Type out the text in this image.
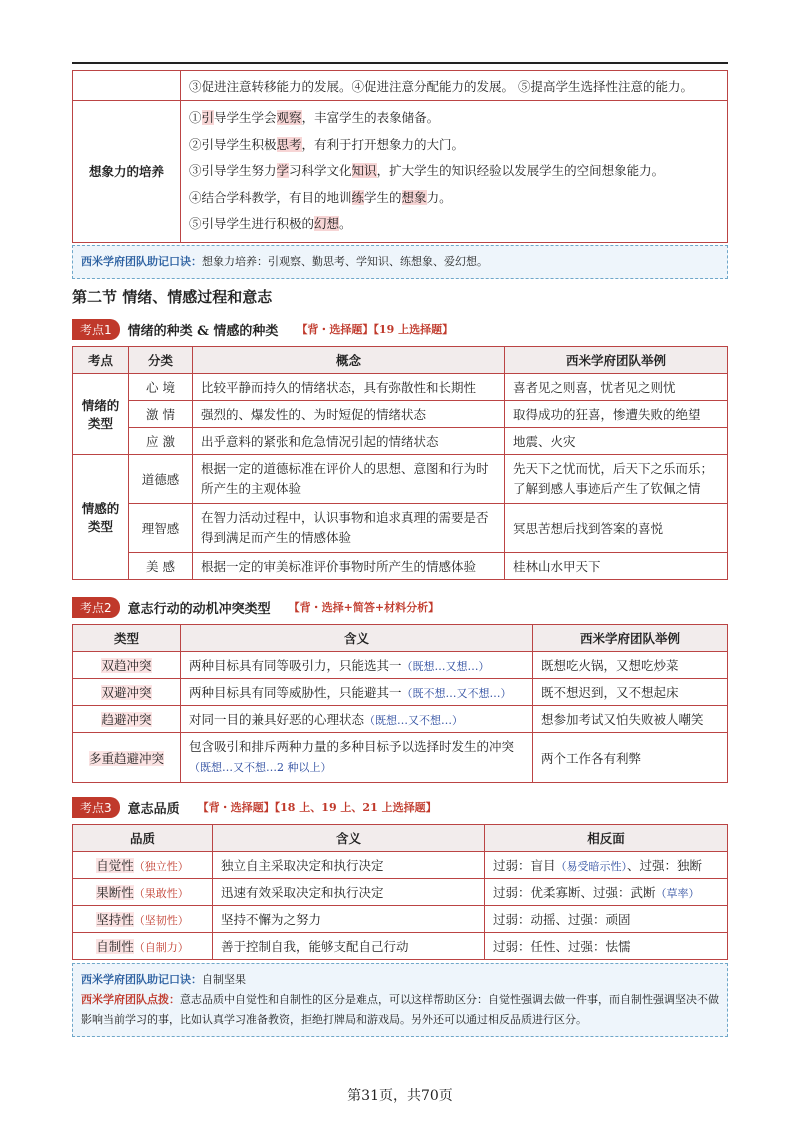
	③促进注意转移能力的发展。④促进注意分配能力的发展。 ⑤提高学生选择性注意的能力。
想象力的培养	①引导学生学会观察，丰富学生的表象储备。
②引导学生积极思考，有利于打开想象力的大门。
③引导学生努力学习科学文化知识，扩大学生的知识经验以发展学生的空间想象能力。
④结合学科教学，有目的地训练学生的想象力。
⑤引导学生进行积极的幻想。
西米学府团队助记口诀：想象力培养：引观察、勤思考、学知识、练想象、爱幻想。
第二节 情绪、情感过程和意志
考点1	情绪的种类 & 情感的种类 【背・选择题】【19 上选择题】
考点	分类	概念	西米学府团队举例
情绪的类型	心 境	比较平静而持久的情绪状态，具有弥散性和长期性	喜者见之则喜，忧者见之则忧
	激 情	强烈的、爆发性的、为时短促的情绪状态	取得成功的狂喜，惨遭失败的绝望
	应 激	出乎意料的紧张和危急情况引起的情绪状态	地震、火灾
情感的类型	道德感	根据一定的道德标准在评价人的思想、意图和行为时所产生的主观体验	先天下之忧而忧，后天下之乐而乐；了解到感人事迹后产生了钦佩之情
	理智感	在智力活动过程中，认识事物和追求真理的需要是否得到满足而产生的情感体验	冥思苦想后找到答案的喜悦
	美 感	根据一定的审美标准评价事物时所产生的情感体验	桂林山水甲天下
考点2	意志行动的动机冲突类型 【背・选择+简答+材料分析】
类型	含义	西米学府团队举例
双趋冲突	两种目标具有同等吸引力，只能选其一（既想…又想…）	既想吃火锅，又想吃炒菜
双避冲突	两种目标具有同等威胁性，只能避其一（既不想…又不想…）	既不想迟到，又不想起床
趋避冲突	对同一目的兼具好恶的心理状态（既想…又不想…）	想参加考试又怕失败被人嘲笑
多重趋避冲突	包含吸引和排斥两种力量的多种目标予以选择时发生的冲突（既想…又不想…2 种以上）	两个工作各有利弊
考点3	意志品质 【背・选择题】【18 上、19 上、21 上选择题】
品质	含义	相反面
自觉性（独立性）	独立自主采取决定和执行决定	过弱：盲目（易受暗示性）、过强：独断
果断性（果敢性）	迅速有效采取决定和执行决定	过弱：优柔寡断、过强：武断（草率）
坚持性（坚韧性）	坚持不懈为之努力	过弱：动摇、过强：顽固
自制性（自制力）	善于控制自我，能够支配自己行动	过弱：任性、过强：怯懦
西米学府团队助记口诀：自制坚果
西米学府团队点拨：意志品质中自觉性和自制性的区分是难点，可以这样帮助区分：自觉性强调去做一件事，而自制性强调坚决不做影响当前学习的事，比如认真学习准备教资，拒绝打牌局和游戏局。另外还可以通过相反品质进行区分。
第31页，共70页
